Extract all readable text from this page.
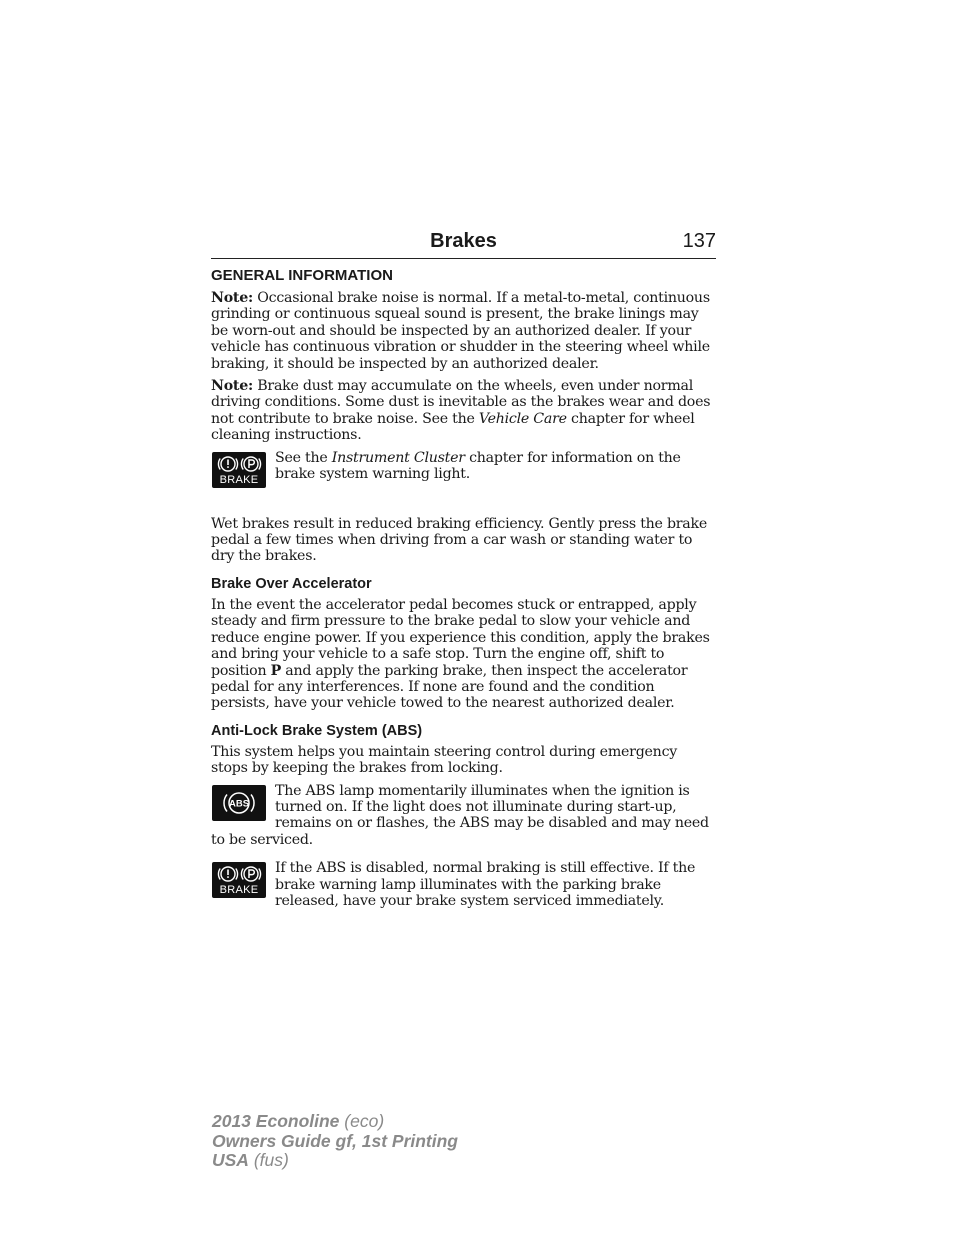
Brakes	137
GENERAL INFORMATION

Note: Occasional brake noise is normal. If a metal-to-metal, continuous grinding or continuous squeal sound is present, the brake linings may be worn-out and should be inspected by an authorized dealer. If your vehicle has continuous vibration or shudder in the steering wheel while braking, it should be inspected by an authorized dealer.

Note: Brake dust may accumulate on the wheels, even under normal driving conditions. Some dust is inevitable as the brakes wear and does not contribute to brake noise. See the Vehicle Care chapter for wheel cleaning instructions.

BRAKE

See the Instrument Cluster chapter for information on the brake system warning light.

Wet brakes result in reduced braking efficiency. Gently press the brake pedal a few times when driving from a car wash or standing water to dry the brakes.

Brake Over Accelerator

In the event the accelerator pedal becomes stuck or entrapped, apply steady and firm pressure to the brake pedal to slow your vehicle and reduce engine power. If you experience this condition, apply the brakes and bring your vehicle to a safe stop. Turn the engine off, shift to position P and apply the parking brake, then inspect the accelerator pedal for any interferences. If none are found and the condition persists, have your vehicle towed to the nearest authorized dealer.

Anti-Lock Brake System (ABS)

This system helps you maintain steering control during emergency stops by keeping the brakes from locking.

ABS

The ABS lamp momentarily illuminates when the ignition is turned on. If the light does not illuminate during start-up, remains on or flashes, the ABS may be disabled and may need to be serviced.

BRAKE

If the ABS is disabled, normal braking is still effective. If the brake warning lamp illuminates with the parking brake released, have your brake system serviced immediately.

2013 Econoline (eco)
Owners Guide gf, 1st Printing
USA (fus)
